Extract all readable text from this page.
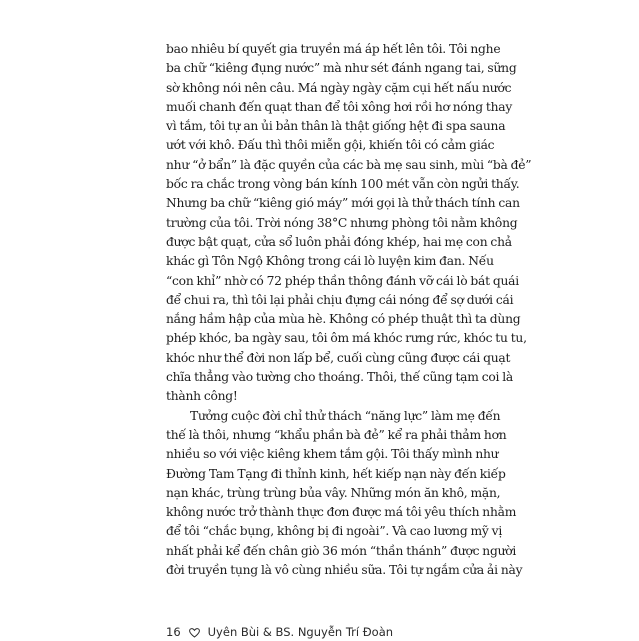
bao nhiêu bí quyết gia truyền má áp hết lên tôi. Tôi nghe
ba chữ “kiêng đụng nước” mà như sét đánh ngang tai, sững
sờ không nói nên câu. Má ngày ngày cặm cụi hết nấu nước
muối chanh đến quạt than để tôi xông hơi rồi hơ nóng thay
vì tắm, tôi tự an ủi bản thân là thật giống hệt đi spa sauna
ướt với khô. Đấu thì thôi miễn gội, khiến tôi có cảm giác
như “ở bẩn” là đặc quyền của các bà mẹ sau sinh, mùi “bà đẻ”
bốc ra chắc trong vòng bán kính 100 mét vẫn còn ngửi thấy.
Nhưng ba chữ “kiêng gió máy” mới gọi là thử thách tính can
trường của tôi. Trời nóng 38°C nhưng phòng tôi nằm không
được bật quạt, cửa sổ luôn phải đóng khép, hai mẹ con chả
khác gì Tôn Ngộ Không trong cái lò luyện kim đan. Nếu
“con khỉ” nhờ có 72 phép thần thông đánh vỡ cái lò bát quái
để chui ra, thì tôi lại phải chịu đựng cái nóng để sợ dưới cái
nắng hầm hập của mùa hè. Không có phép thuật thì ta dùng
phép khóc, ba ngày sau, tôi ôm má khóc rưng rức, khóc tu tu,
khóc như thể đời non lấp bể, cuối cùng cũng được cái quạt
chĩa thẳng vào tường cho thoáng. Thôi, thế cũng tạm coi là
thành công!
Tưởng cuộc đời chỉ thử thách “năng lực” làm mẹ đến
thế là thôi, nhưng “khẩu phần bà đẻ” kể ra phải thảm hơn
nhiều so với việc kiêng khem tắm gội. Tôi thấy mình như
Đường Tam Tạng đi thỉnh kinh, hết kiếp nạn này đến kiếp
nạn khác, trùng trùng bủa vây. Những món ăn khô, mặn,
không nước trở thành thực đơn được má tôi yêu thích nhằm
để tôi “chắc bụng, không bị đi ngoài”. Và cao lương mỹ vị
nhất phải kể đến chân giò 36 món “thần thánh” được người
đời truyền tụng là vô cùng nhiều sữa. Tôi tự ngắm cửa ải này
16 Uyên Bùi & BS. Nguyễn Trí Đoàn
